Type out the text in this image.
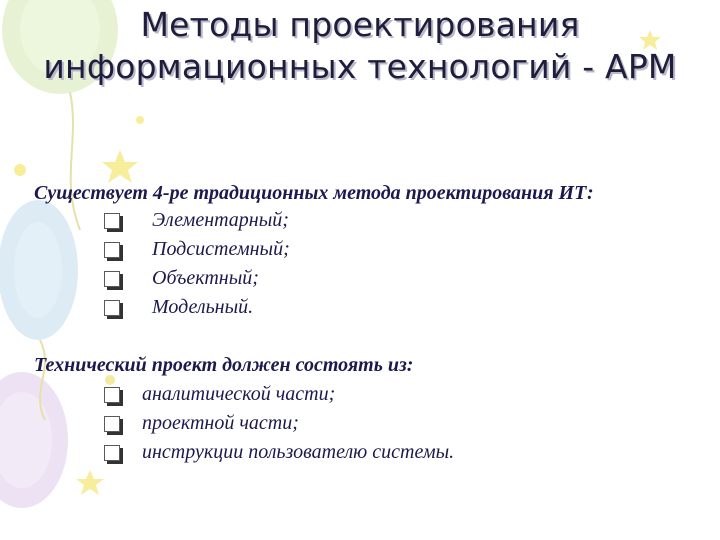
Методы проектирования информационных технологий - АРМ

Существует 4-ре традиционных метода проектирования ИТ:

Элементарный;
Подсистемный;
Объектный;
Модельный.

Технический проект должен состоять из:

аналитической части;
проектной части;
инструкции пользователю системы.
